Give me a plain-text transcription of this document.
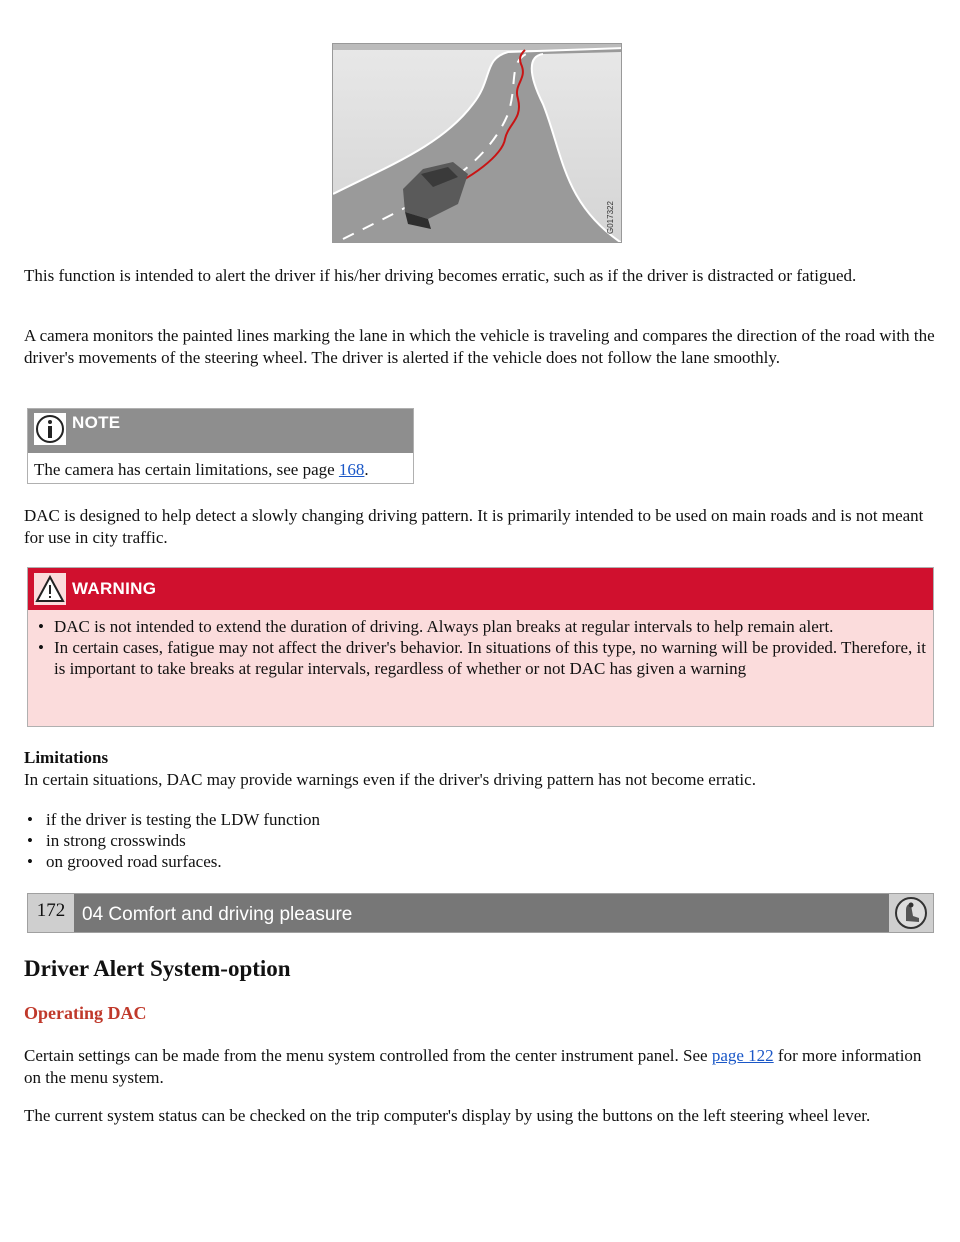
G017322

This function is intended to alert the driver if his/her driving becomes erratic, such as if the driver is distracted or fatigued.

A camera monitors the painted lines marking the lane in which the vehicle is traveling and compares the direction of the road with the driver's movements of the steering wheel. The driver is alerted if the vehicle does not follow the lane smoothly.

NOTE
The camera has certain limitations, see page 168.

DAC is designed to help detect a slowly changing driving pattern. It is primarily intended to be used on main roads and is not meant for use in city traffic.

WARNING
• DAC is not intended to extend the duration of driving. Always plan breaks at regular intervals to help remain alert.
• In certain cases, fatigue may not affect the driver's behavior. In situations of this type, no warning will be provided. Therefore, it is important to take breaks at regular intervals, regardless of whether or not DAC has given a warning

Limitations
In certain situations, DAC may provide warnings even if the driver's driving pattern has not become erratic.

• if the driver is testing the LDW function
• in strong crosswinds
• on grooved road surfaces.
172 04 Comfort and driving pleasure
Driver Alert System-option
Operating DAC

Certain settings can be made from the menu system controlled from the center instrument panel. See page 122 for more information on the menu system.

The current system status can be checked on the trip computer's display by using the buttons on the left steering wheel lever.
